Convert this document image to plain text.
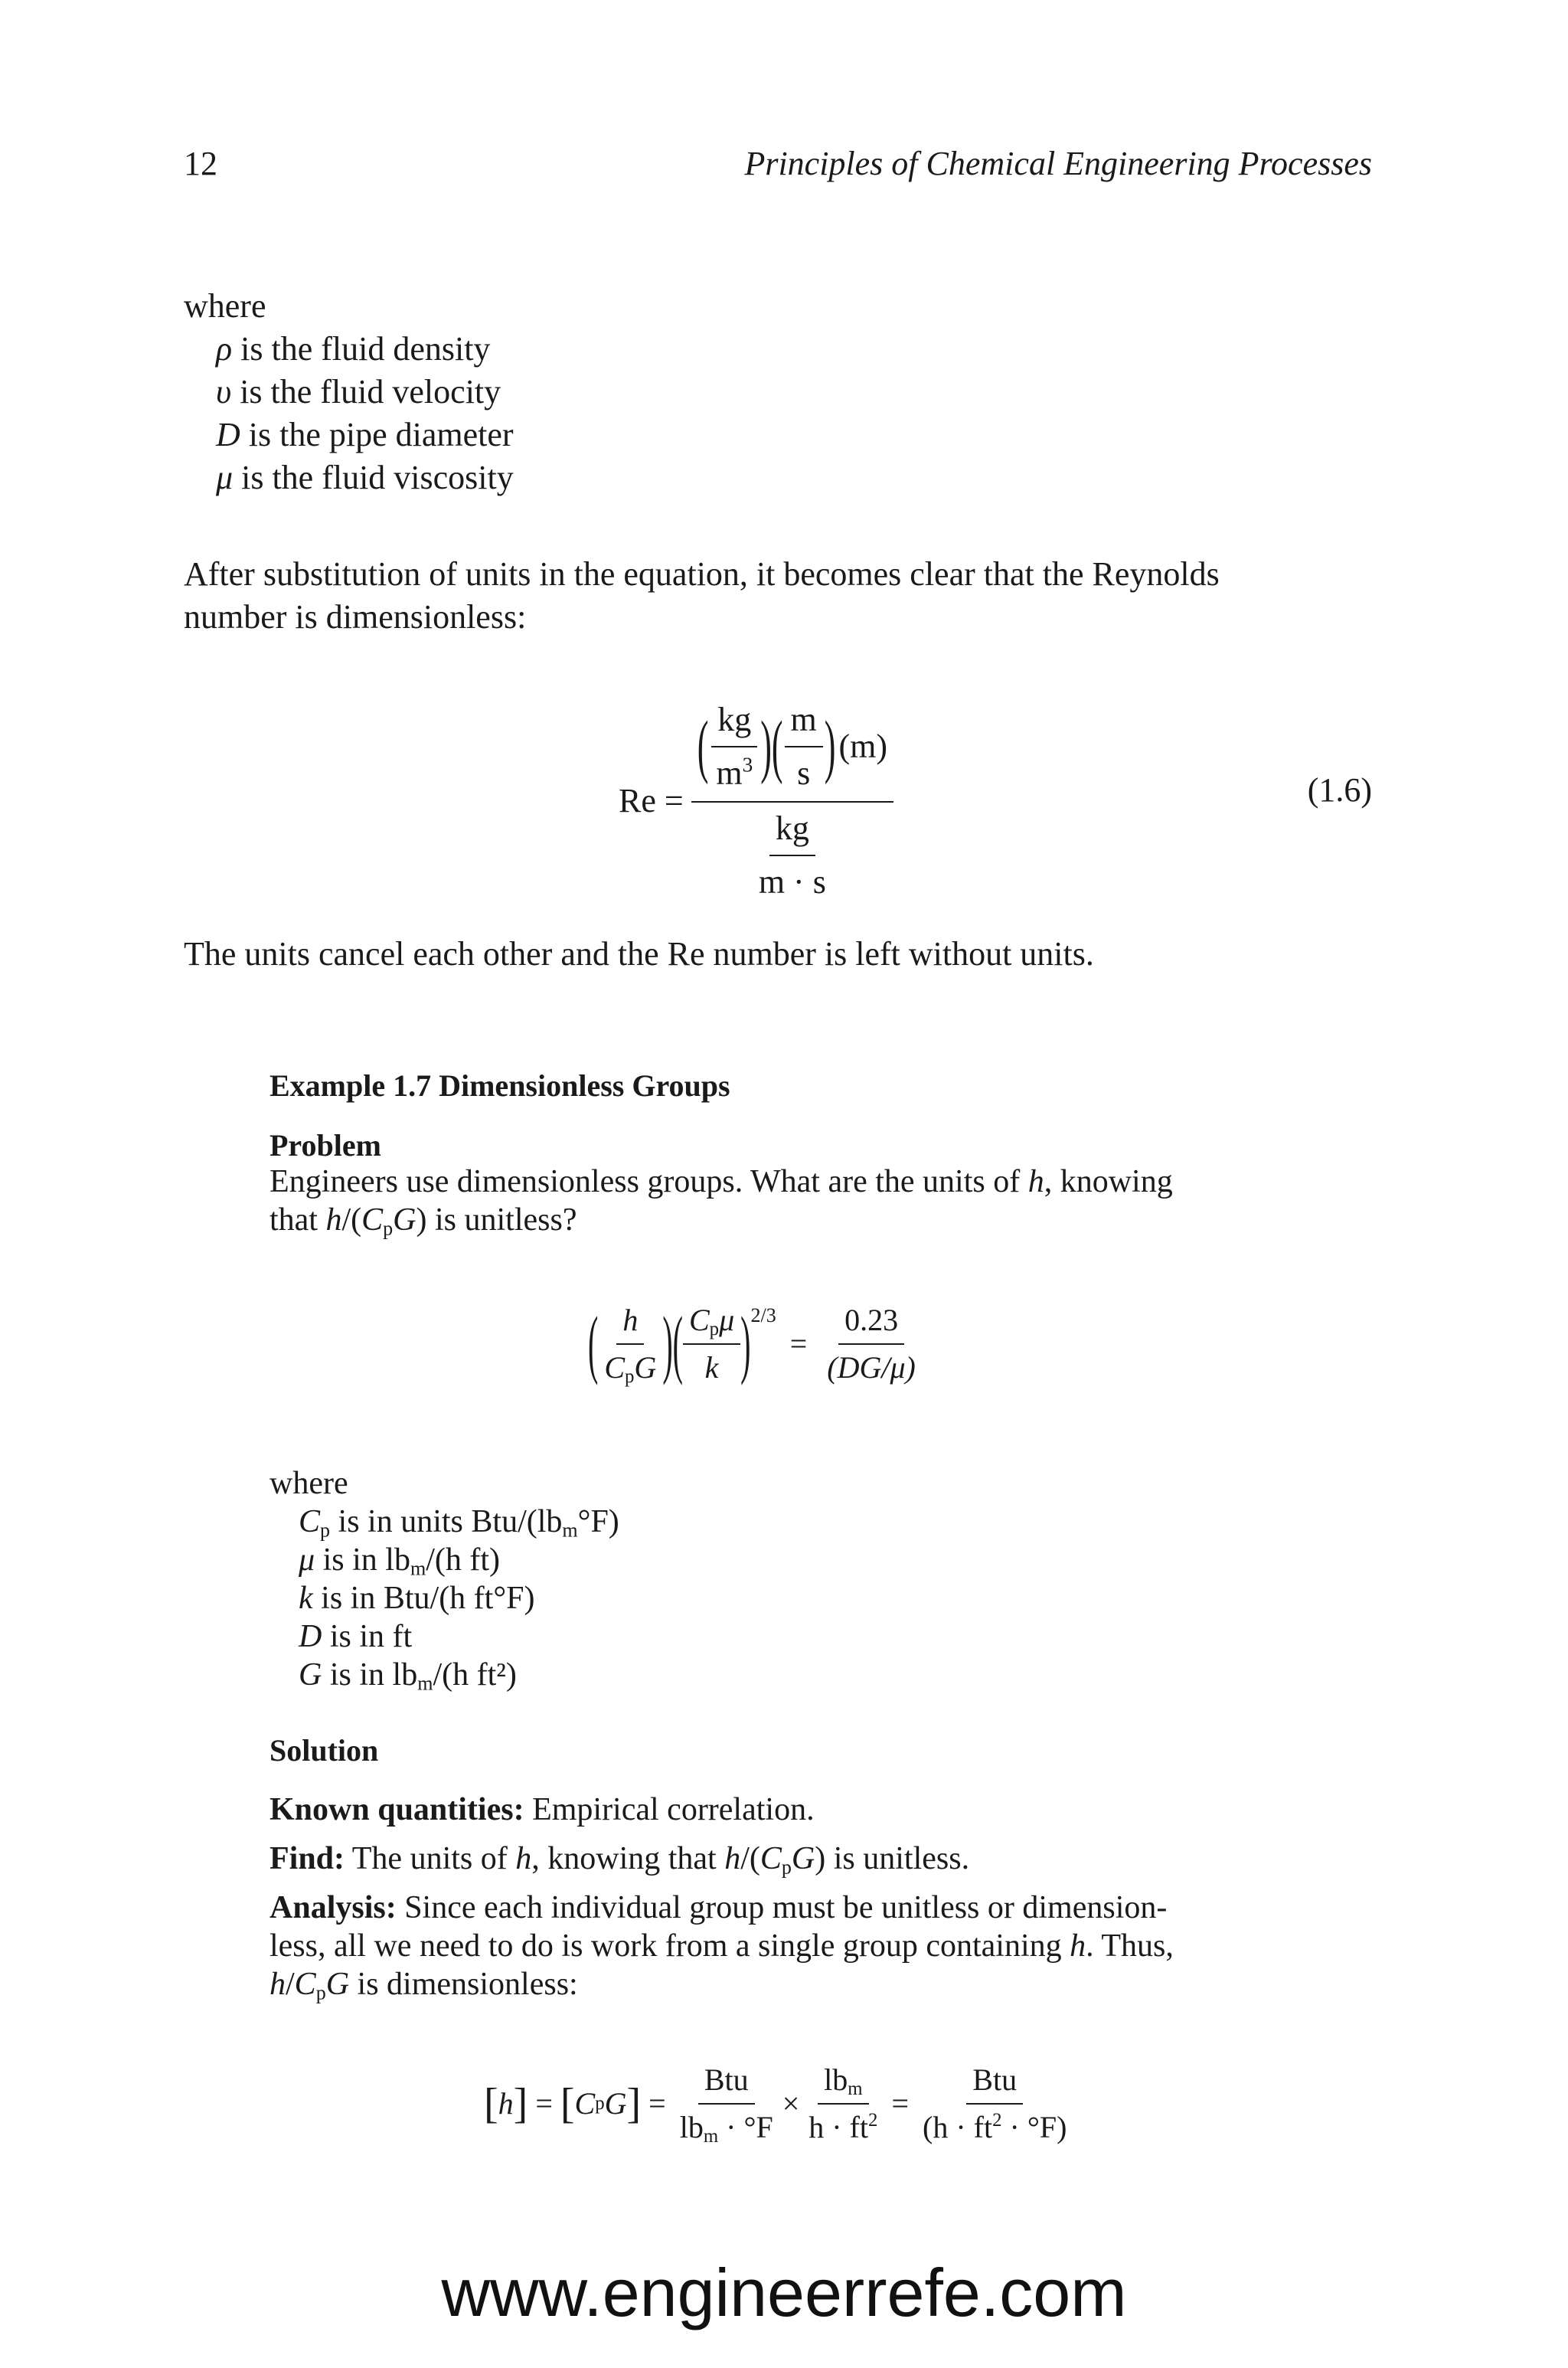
12	Principles of Chemical Engineering Processes
where
ρ is the fluid density
υ is the fluid velocity
D is the pipe diameter
μ is the fluid viscosity
After substitution of units in the equation, it becomes clear that the Reynolds
number is dimensionless:
Re =
( $\frac{kg}{m^3}$ ) ( $\frac{m}{s}$ ) (m)
$\frac{kg}{m \cdot s}$
(1.6)
The units cancel each other and the Re number is left without units.
Example 1.7 Dimensionless Groups
Problem
Engineers use dimensionless groups. What are the units of h, knowing
that $h/(C_pG)$ is unitless?
( $\frac{h}{C_pG}$ ) ( $\frac{C_p\mu}{k}$ ) 2/3
= $\frac{0.23}{(DG/\mu)}$
where
$C_p$ is in units Btu/$(lb_m^\circ F)$
μ is in $lb_m/(h$ ft)
k is in Btu/(h ft°F)
D is in ft
G is in $lb_m/(h$ ft²)
Solution
Known quantities: Empirical correlation.
Find: The units of h, knowing that $h/(C_pG)$ is unitless.
Analysis: Since each individual group must be unitless or dimension-
less, all we need to do is work from a single group containing h. Thus,
$h/C_pG$ is dimensionless:
[ h ] = [ C p G ] = $\frac{\text{Btu}}{lb_m \cdot ^\circ F} \times \frac{lb_m}{h \cdot ft^2} = \frac{\text{Btu}}{(h \cdot ft^2 \cdot ^\circ F)}$
www.engineerrefe.com
